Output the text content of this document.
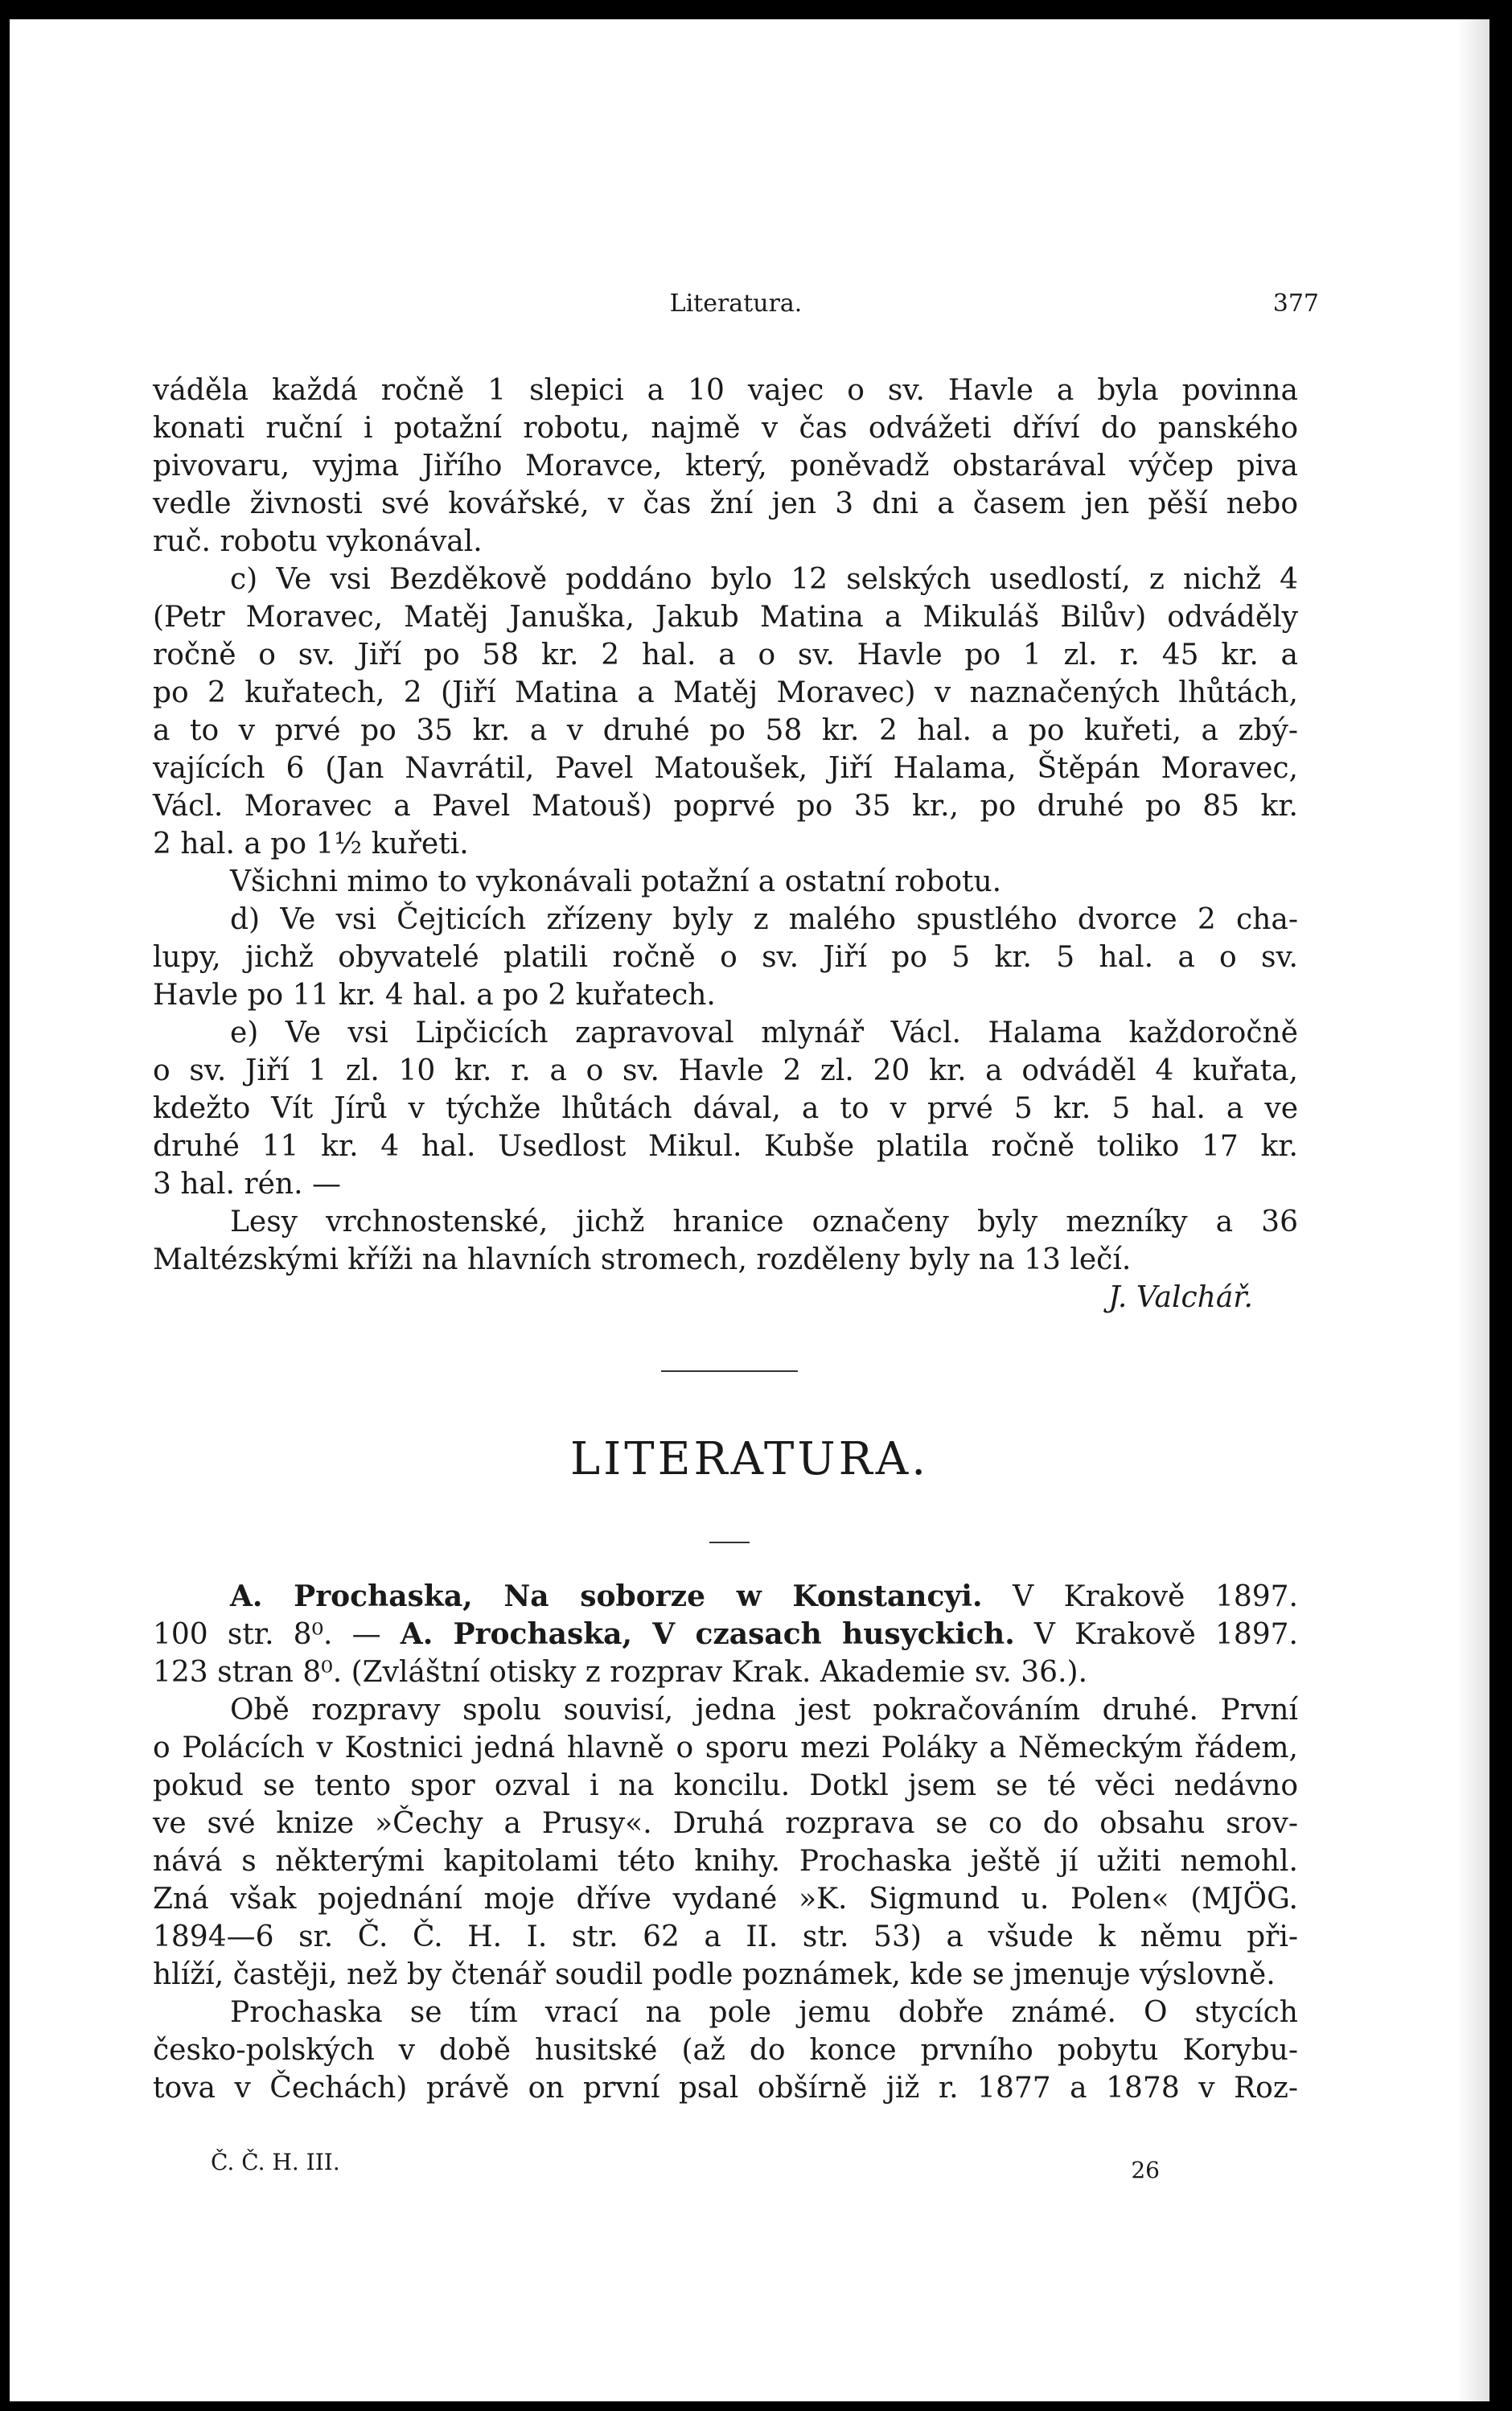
Literatura.	377
váděla každá ročně 1 slepici a 10 vajec o sv. Havle a byla povinna
konati ruční i potažní robotu, najmě v čas odvážeti dříví do panského
pivovaru, vyjma Jiřího Moravce, který, poněvadž obstarával výčep piva
vedle živnosti své kovářské, v čas žní jen 3 dni a časem jen pěší nebo
ruč. robotu vykonával.
c) Ve vsi Bezděkově poddáno bylo 12 selských usedlostí, z nichž 4
(Petr Moravec, Matěj Januška, Jakub Matina a Mikuláš Bilův) odváděly
ročně o sv. Jiří po 58 kr. 2 hal. a o sv. Havle po 1 zl. r. 45 kr. a
po 2 kuřatech, 2 (Jiří Matina a Matěj Moravec) v naznačených lhůtách,
a to v prvé po 35 kr. a v druhé po 58 kr. 2 hal. a po kuřeti, a zbý-
vajících 6 (Jan Navrátil, Pavel Matoušek, Jiří Halama, Štěpán Moravec,
Václ. Moravec a Pavel Matouš) poprvé po 35 kr., po druhé po 85 kr.
2 hal. a po 1½ kuřeti.
Všichni mimo to vykonávali potažní a ostatní robotu.
d) Ve vsi Čejticích zřízeny byly z malého spustlého dvorce 2 cha-
lupy, jichž obyvatelé platili ročně o sv. Jiří po 5 kr. 5 hal. a o sv.
Havle po 11 kr. 4 hal. a po 2 kuřatech.
e) Ve vsi Lipčicích zapravoval mlynář Václ. Halama každoročně
o sv. Jiří 1 zl. 10 kr. r. a o sv. Havle 2 zl. 20 kr. a odváděl 4 kuřata,
kdežto Vít Jírů v týchže lhůtách dával, a to v prvé 5 kr. 5 hal. a ve
druhé 11 kr. 4 hal. Usedlost Mikul. Kubše platila ročně toliko 17 kr.
3 hal. rén. —
Lesy vrchnostenské, jichž hranice označeny byly mezníky a 36
Maltézskými kříži na hlavních stromech, rozděleny byly na 13 lečí.
J. Valchář.
LITERATURA.
A. Prochaska, Na soborze w Konstancyi. V Krakově 1897.
100 str. 8⁰. — A. Prochaska, V czasach husyckich. V Krakově 1897.
123 stran 8⁰. (Zvláštní otisky z rozprav Krak. Akademie sv. 36.).
Obě rozpravy spolu souvisí, jedna jest pokračováním druhé. První
o Polácích v Kostnici jedná hlavně o sporu mezi Poláky a Německým řádem,
pokud se tento spor ozval i na koncilu. Dotkl jsem se té věci nedávno
ve své knize »Čechy a Prusy«. Druhá rozprava se co do obsahu srov-
nává s některými kapitolami této knihy. Prochaska ještě jí užiti nemohl.
Zná však pojednání moje dříve vydané »K. Sigmund u. Polen« (MJÖG.
1894—6 sr. Č. Č. H. I. str. 62 a II. str. 53) a všude k němu při-
hlíží, častěji, než by čtenář soudil podle poznámek, kde se jmenuje výslovně.
Prochaska se tím vrací na pole jemu dobře známé. O stycích
česko-polských v době husitské (až do konce prvního pobytu Korybu-
tova v Čechách) právě on první psal obšírně již r. 1877 a 1878 v Roz-
Č. Č. H. III.	26
